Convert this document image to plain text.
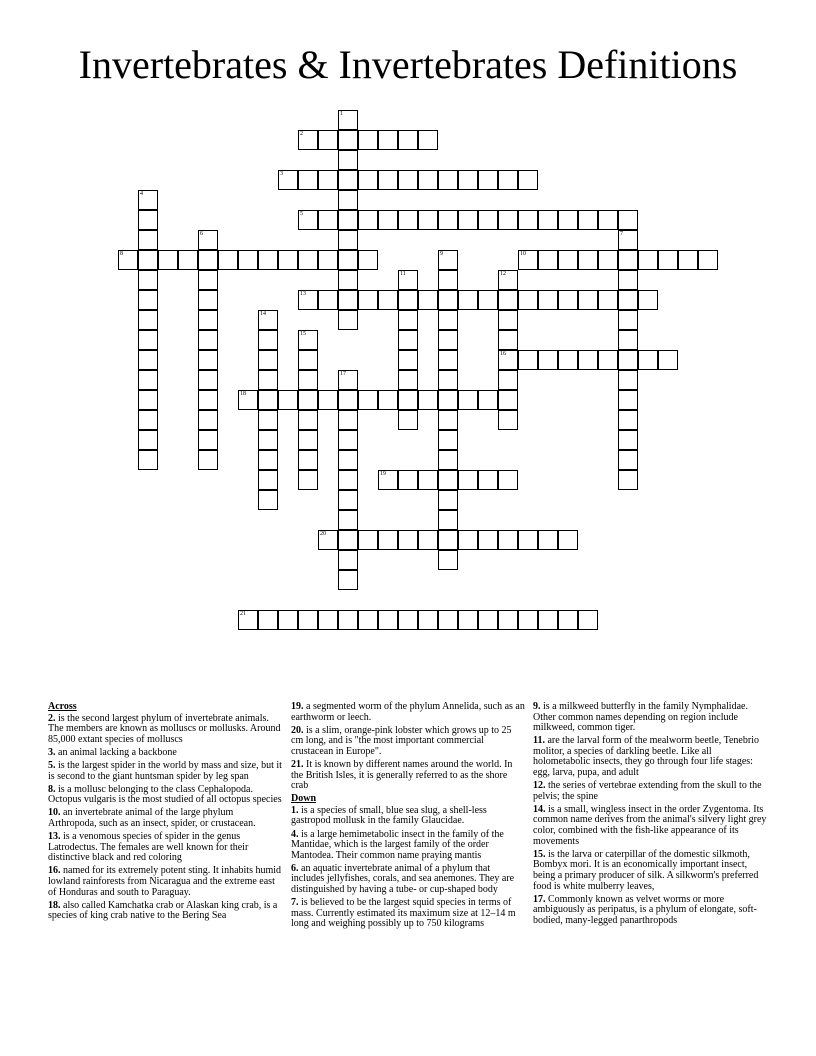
Invertebrates & Invertebrates Definitions
1
2
3
4
5
6	7
8	9	10
11	12
16
13
14
15
17
18
19
20
21
Across
2. is the second largest phylum of invertebrate animals. The members are known as molluscs or mollusks. Around 85,000 extant species of molluscs
3. an animal lacking a backbone
5. is the largest spider in the world by mass and size, but it is second to the giant huntsman spider by leg span
8. is a mollusc belonging to the class Cephalopoda. Octopus vulgaris is the most studied of all octopus species
10. an invertebrate animal of the large phylum Arthropoda, such as an insect, spider, or crustacean.
13. is a venomous species of spider in the genus Latrodectus. The females are well known for their distinctive black and red coloring
16. named for its extremely potent sting. It inhabits humid lowland rainforests from Nicaragua and the extreme east of Honduras and south to Paraguay.
18. also called Kamchatka crab or Alaskan king crab, is a species of king crab native to the Bering Sea
19. a segmented worm of the phylum Annelida, such as an earthworm or leech.
20. is a slim, orange-pink lobster which grows up to 25 cm long, and is "the most important commercial crustacean in Europe".
21. It is known by different names around the world. In the British Isles, it is generally referred to as the shore crab
Down
1. is a species of small, blue sea slug, a shell-less gastropod mollusk in the family Glaucidae.
4. is a large hemimetabolic insect in the family of the Mantidae, which is the largest family of the order Mantodea. Their common name praying mantis
6. an aquatic invertebrate animal of a phylum that includes jellyfishes, corals, and sea anemones. They are distinguished by having a tube- or cup-shaped body
7. is believed to be the largest squid species in terms of mass. Currently estimated its maximum size at 12–14 m long and weighing possibly up to 750 kilograms
9. is a milkweed butterfly in the family Nymphalidae. Other common names depending on region include milkweed, common tiger.
11. are the larval form of the mealworm beetle, Tenebrio molitor, a species of darkling beetle. Like all holometabolic insects, they go through four life stages: egg, larva, pupa, and adult
12. the series of vertebrae extending from the skull to the pelvis; the spine
14. is a small, wingless insect in the order Zygentoma. Its common name derives from the animal's silvery light grey color, combined with the fish-like appearance of its movements
15. is the larva or caterpillar of the domestic silkmoth, Bombyx mori. It is an economically important insect, being a primary producer of silk. A silkworm's preferred food is white mulberry leaves,
17. Commonly known as velvet worms or more ambiguously as peripatus, is a phylum of elongate, soft-bodied, many-legged panarthropods
